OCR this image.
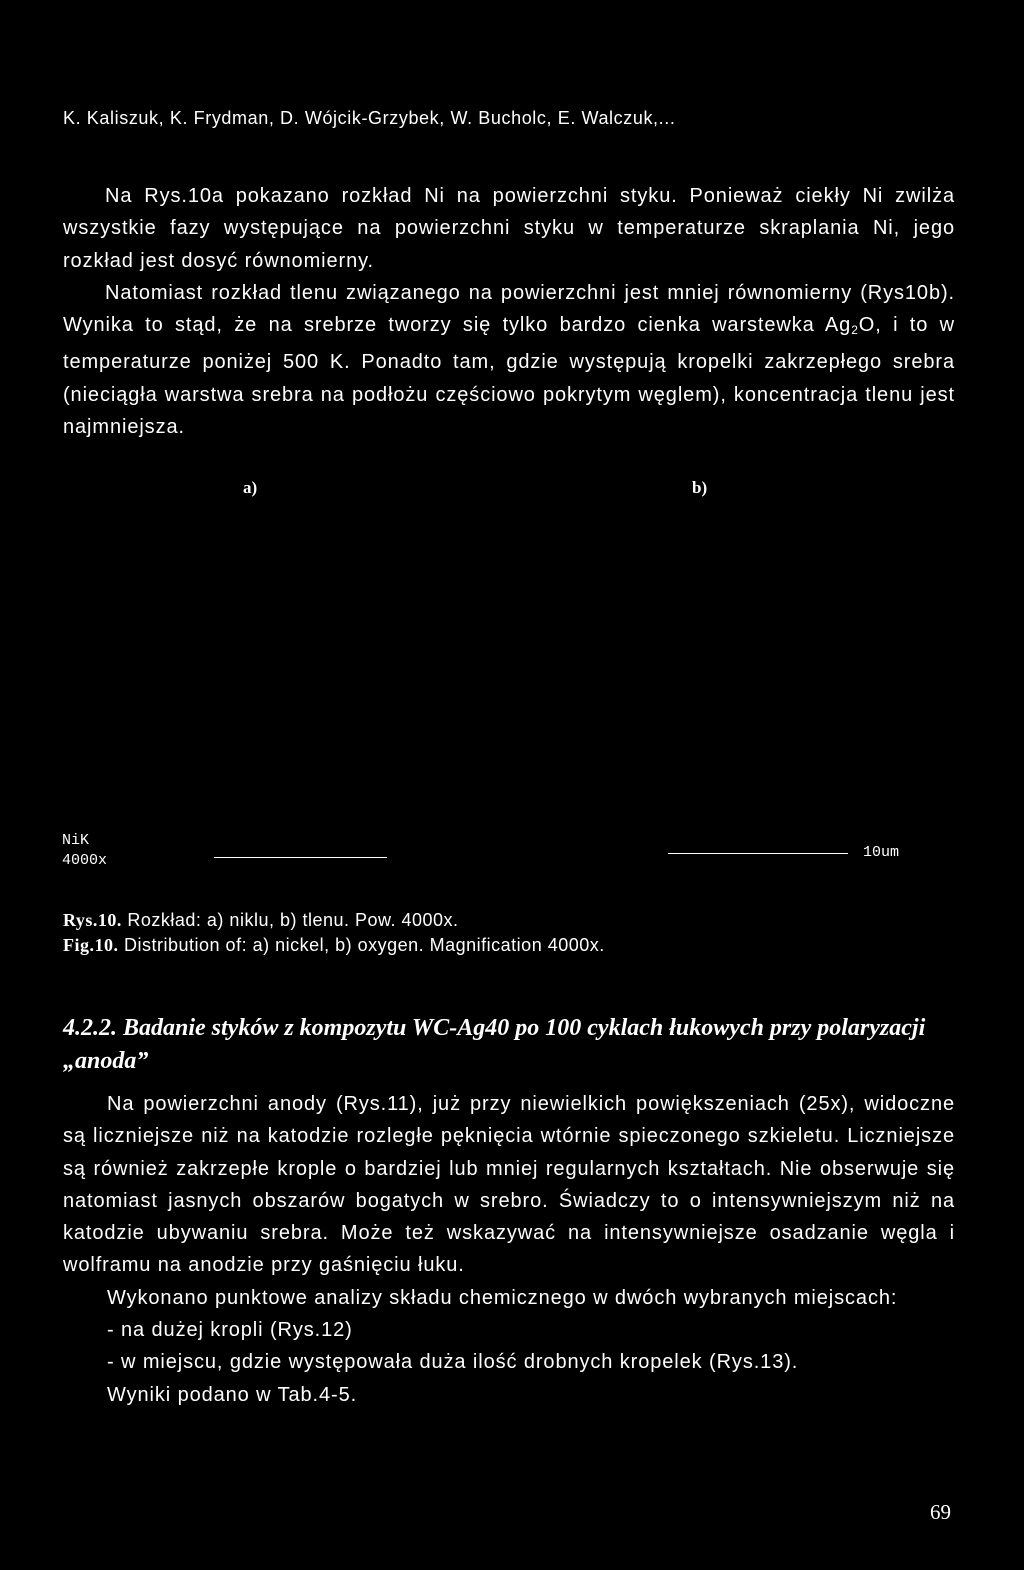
K. Kaliszuk, K. Frydman, D. Wójcik-Grzybek, W. Bucholc, E. Walczuk,...

Na Rys.10a pokazano rozkład Ni na powierzchni styku. Ponieważ ciekły Ni zwilża wszystkie fazy występujące na powierzchni styku w temperaturze skraplania Ni, jego rozkład jest dosyć równomierny.

Natomiast rozkład tlenu związanego na powierzchni jest mniej równomierny (Rys10b). Wynika to stąd, że na srebrze tworzy się tylko bardzo cienka warstewka $Ag_2O$, i to w temperaturze poniżej 500 K. Ponadto tam, gdzie występują kropelki zakrzepłego srebra (nieciągła warstwa srebra na podłożu częściowo pokrytym węglem), koncentracja tlenu jest najmniejsza.

a)	b)
NiK
4000x	10um
Rys.10. Rozkład: a) niklu, b) tlenu. Pow. 4000x.
Fig.10. Distribution of: a) nickel, b) oxygen. Magnification 4000x.
4.2.2. Badanie styków z kompozytu WC-Ag40 po 100 cyklach łukowych przy polaryzacji „anoda”

Na powierzchni anody (Rys.11), już przy niewielkich powiększeniach (25x), widoczne są liczniejsze niż na katodzie rozległe pęknięcia wtórnie spieczonego szkieletu. Liczniejsze są również zakrzepłe krople o bardziej lub mniej regularnych kształtach. Nie obserwuje się natomiast jasnych obszarów bogatych w srebro. Świadczy to o intensywniejszym niż na katodzie ubywaniu srebra. Może też wskazywać na intensywniejsze osadzanie węgla i wolframu na anodzie przy gaśnięciu łuku.

Wykonano punktowe analizy składu chemicznego w dwóch wybranych miejscach:

- na dużej kropli (Rys.12)

- w miejscu, gdzie występowała duża ilość drobnych kropelek (Rys.13).

Wyniki podano w Tab.4-5.

69
